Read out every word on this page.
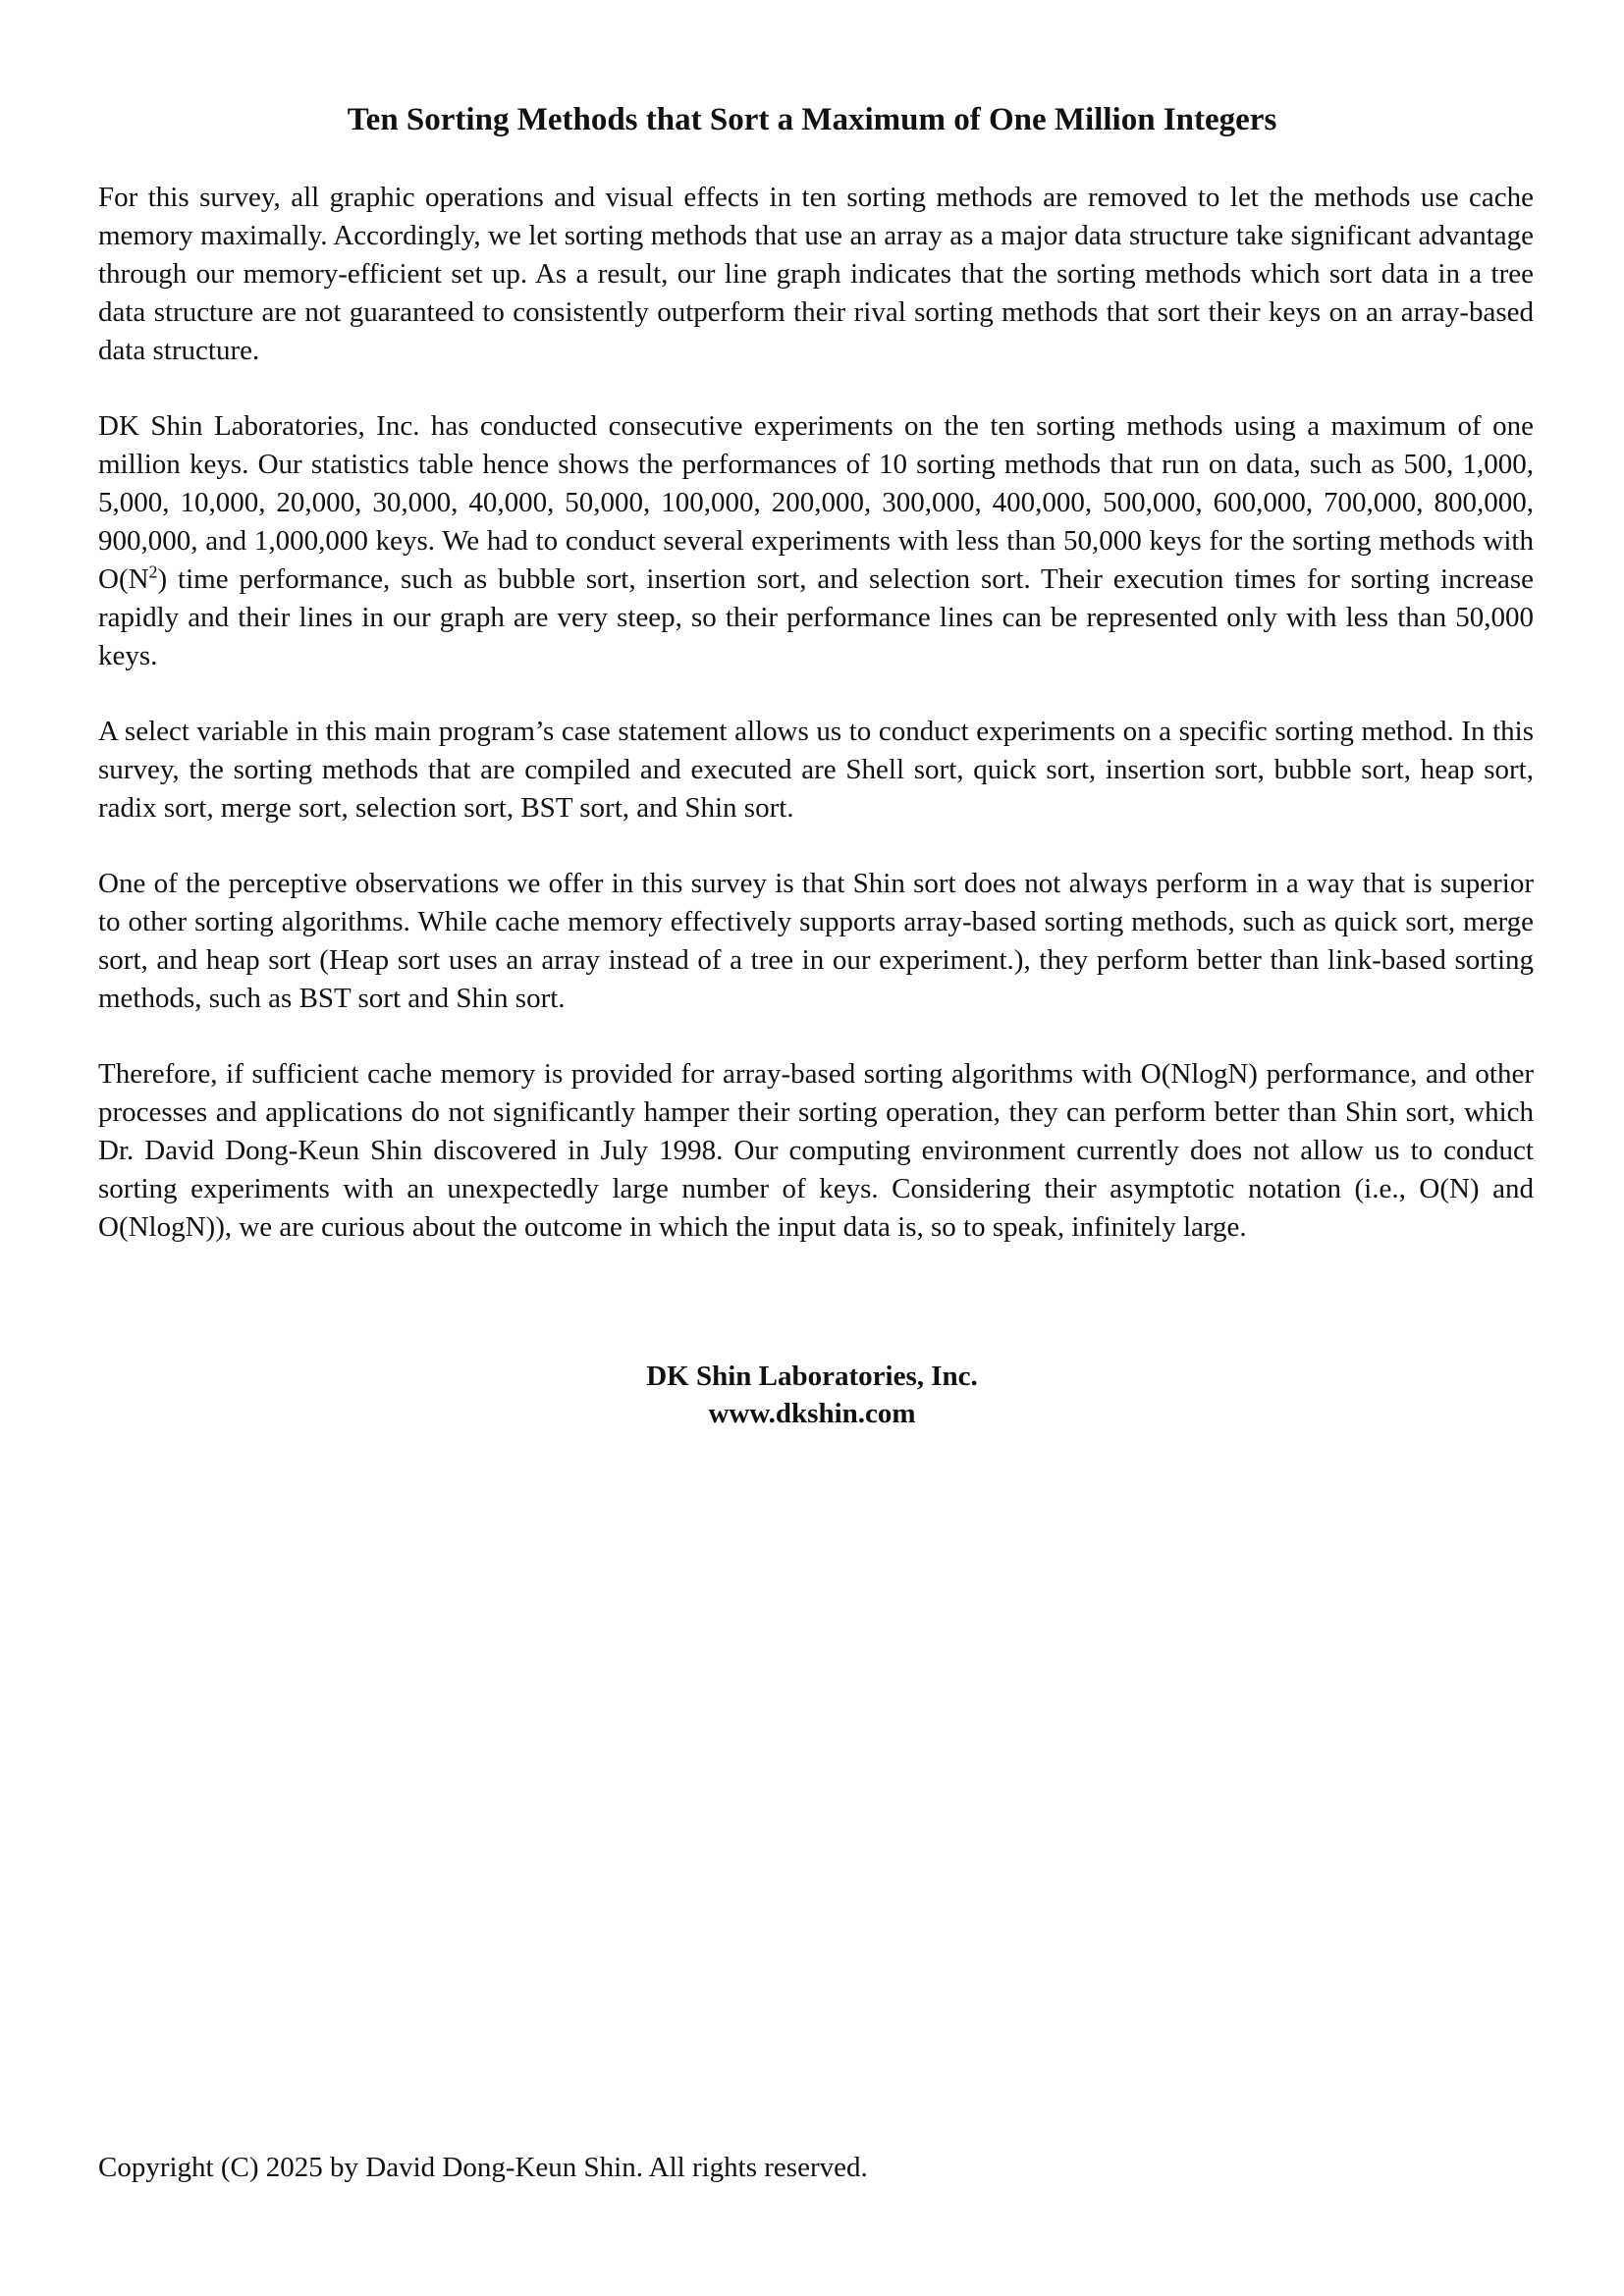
Ten Sorting Methods that Sort a Maximum of One Million Integers

For this survey, all graphic operations and visual effects in ten sorting methods are removed to let the methods use cache memory maximally. Accordingly, we let sorting methods that use an array as a major data structure take significant advantage through our memory-efficient set up. As a result, our line graph indicates that the sorting methods which sort data in a tree data structure are not guaranteed to consistently outperform their rival sorting methods that sort their keys on an array-based data structure.

DK Shin Laboratories, Inc. has conducted consecutive experiments on the ten sorting methods using a maximum of one million keys. Our statistics table hence shows the performances of 10 sorting methods that run on data, such as 500, 1,000, 5,000, 10,000, 20,000, 30,000, 40,000, 50,000, 100,000, 200,000, 300,000, 400,000, 500,000, 600,000, 700,000, 800,000, 900,000, and 1,000,000 keys. We had to conduct several experiments with less than 50,000 keys for the sorting methods with $O(N^2)$ time performance, such as bubble sort, insertion sort, and selection sort. Their execution times for sorting increase rapidly and their lines in our graph are very steep, so their performance lines can be represented only with less than 50,000 keys.

A select variable in this main program’s case statement allows us to conduct experiments on a specific sorting method. In this survey, the sorting methods that are compiled and executed are Shell sort, quick sort, insertion sort, bubble sort, heap sort, radix sort, merge sort, selection sort, BST sort, and Shin sort.

One of the perceptive observations we offer in this survey is that Shin sort does not always perform in a way that is superior to other sorting algorithms. While cache memory effectively supports array-based sorting methods, such as quick sort, merge sort, and heap sort (Heap sort uses an array instead of a tree in our experiment.), they perform better than link-based sorting methods, such as BST sort and Shin sort.

Therefore, if sufficient cache memory is provided for array-based sorting algorithms with O(NlogN) performance, and other processes and applications do not significantly hamper their sorting operation, they can perform better than Shin sort, which Dr. David Dong-Keun Shin discovered in July 1998. Our computing environment currently does not allow us to conduct sorting experiments with an unexpectedly large number of keys. Considering their asymptotic notation (i.e., O(N) and O(NlogN)), we are curious about the outcome in which the input data is, so to speak, infinitely large.

DK Shin Laboratories, Inc.
www.dkshin.com
Copyright (C) 2025 by David Dong-Keun Shin. All rights reserved.
